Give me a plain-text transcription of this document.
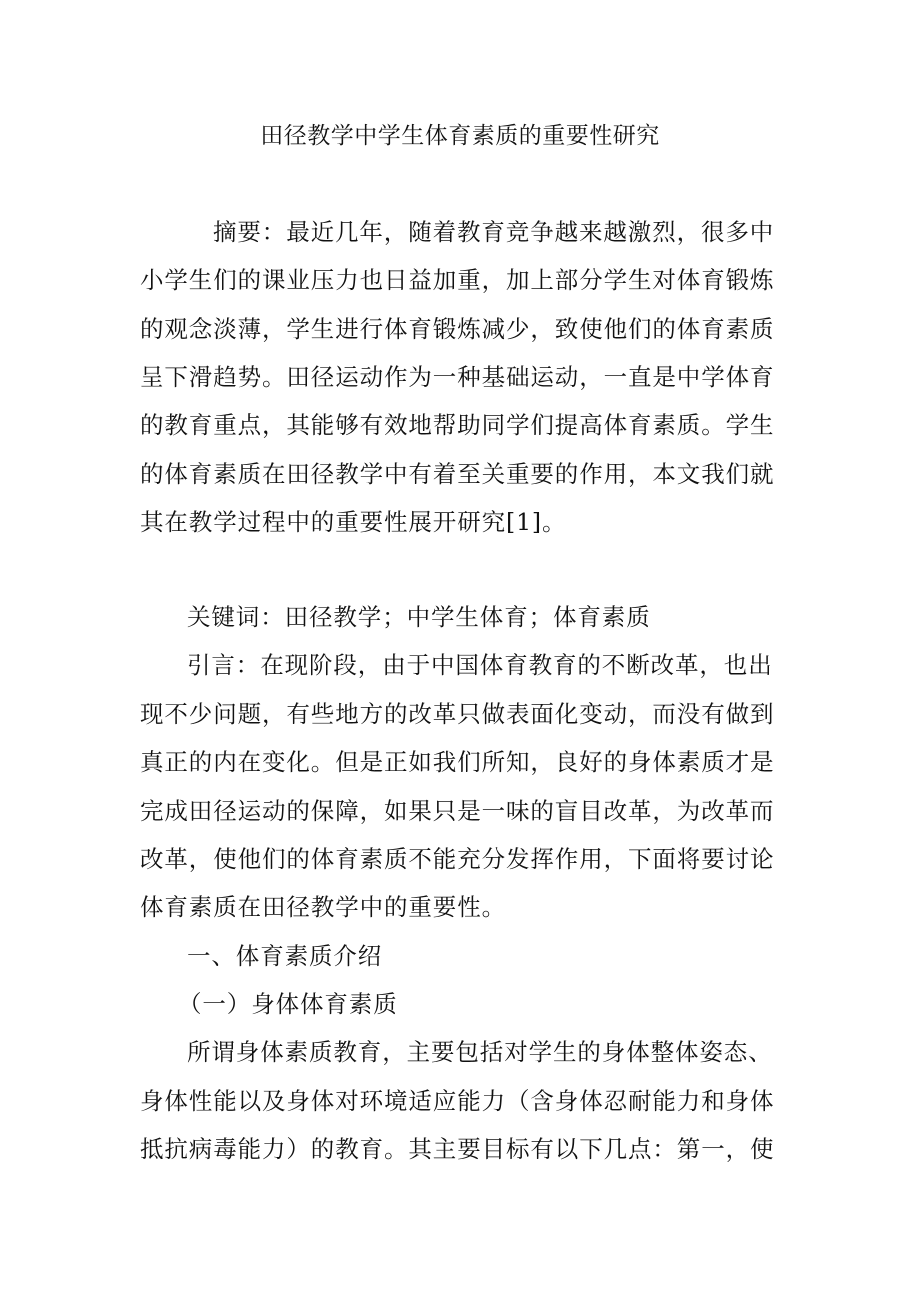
田径教学中学生体育素质的重要性研究
摘要：最近几年，随着教育竞争越来越激烈，很多中
小学生们的课业压力也日益加重，加上部分学生对体育锻炼
的观念淡薄，学生进行体育锻炼减少，致使他们的体育素质
呈下滑趋势。田径运动作为一种基础运动，一直是中学体育
的教育重点，其能够有效地帮助同学们提高体育素质。学生
的体育素质在田径教学中有着至关重要的作用，本文我们就
其在教学过程中的重要性展开研究[1]。
关键词：田径教学；中学生体育；体育素质
引言：在现阶段，由于中国体育教育的不断改革，也出
现不少问题，有些地方的改革只做表面化变动，而没有做到
真正的内在变化。但是正如我们所知，良好的身体素质才是
完成田径运动的保障，如果只是一味的盲目改革，为改革而
改革，使他们的体育素质不能充分发挥作用，下面将要讨论
体育素质在田径教学中的重要性。
一、体育素质介绍
（一）身体体育素质
所谓身体素质教育，主要包括对学生的身体整体姿态、
身体性能以及身体对环境适应能力（含身体忍耐能力和身体
抵抗病毒能力）的教育。其主要目标有以下几点：第一，使
